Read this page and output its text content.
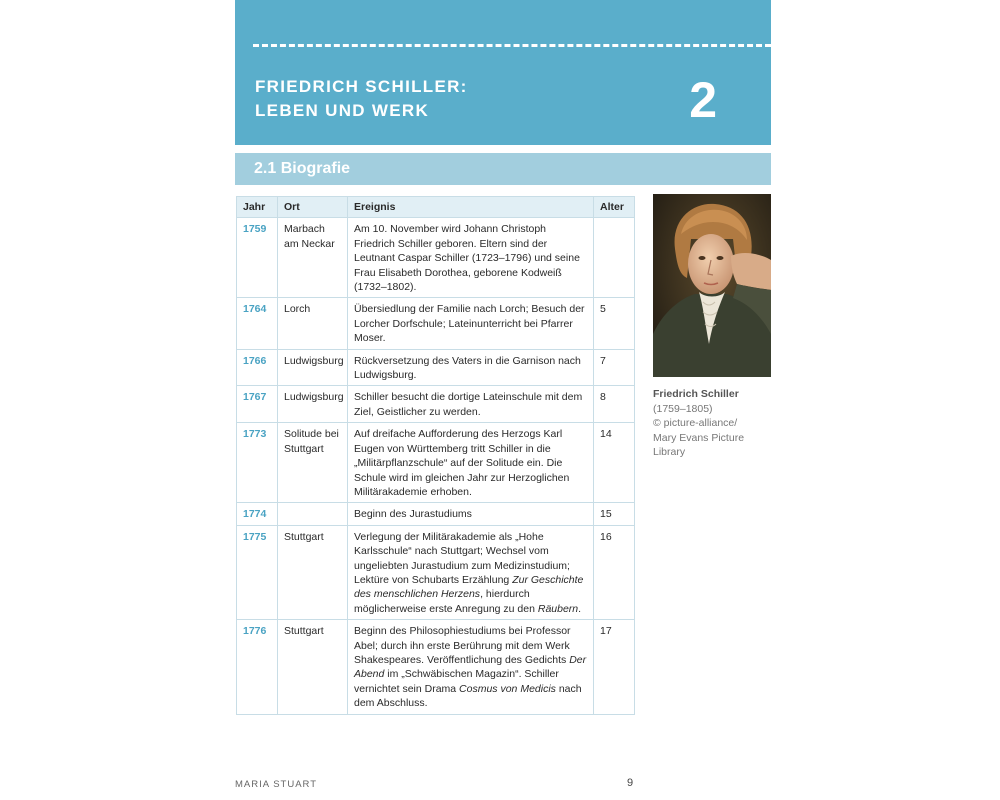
FRIEDRICH SCHILLER:
LEBEN UND WERK	2
2.1 Biografie
Jahr	Ort	Ereignis	Alter
1759	Marbach am Neckar	Am 10. November wird Johann Christoph Friedrich Schiller geboren. Eltern sind der Leutnant Caspar Schiller (1723–1796) und seine Frau Elisabeth Dorothea, geborene Kodweiß (1732–1802).	
1764	Lorch	Übersiedlung der Familie nach Lorch; Besuch der Lorcher Dorfschule; Lateinunterricht bei Pfarrer Moser.	5
1766	Ludwigsburg	Rückversetzung des Vaters in die Garnison nach Ludwigsburg.	7
1767	Ludwigsburg	Schiller besucht die dortige Lateinschule mit dem Ziel, Geistlicher zu werden.	8
1773	Solitude bei Stuttgart	Auf dreifache Aufforderung des Herzogs Karl Eugen von Württemberg tritt Schiller in die „Militärpflanzschule“ auf der Solitude ein. Die Schule wird im gleichen Jahr zur Herzoglichen Militärakademie erhoben.	14
1774		Beginn des Jurastudiums	15
1775	Stuttgart	Verlegung der Militärakademie als „Hohe Karlsschule“ nach Stuttgart; Wechsel vom ungeliebten Jurastudium zum Medizinstudium; Lektüre von Schubarts Erzählung Zur Geschichte des menschlichen Herzens, hierdurch möglicherweise erste Anregung zu den Räubern.	16
1776	Stuttgart	Beginn des Philosophiestudiums bei Professor Abel; durch ihn erste Berührung mit dem Werk Shakespeares. Veröffentlichung des Gedichts Der Abend im „Schwäbischen Magazin“. Schiller vernichtet sein Drama Cosmus von Medicis nach dem Abschluss.	17
Friedrich Schiller
(1759–1805)
© picture-alliance/
Mary Evans Picture
Library
MARIA STUART	9
